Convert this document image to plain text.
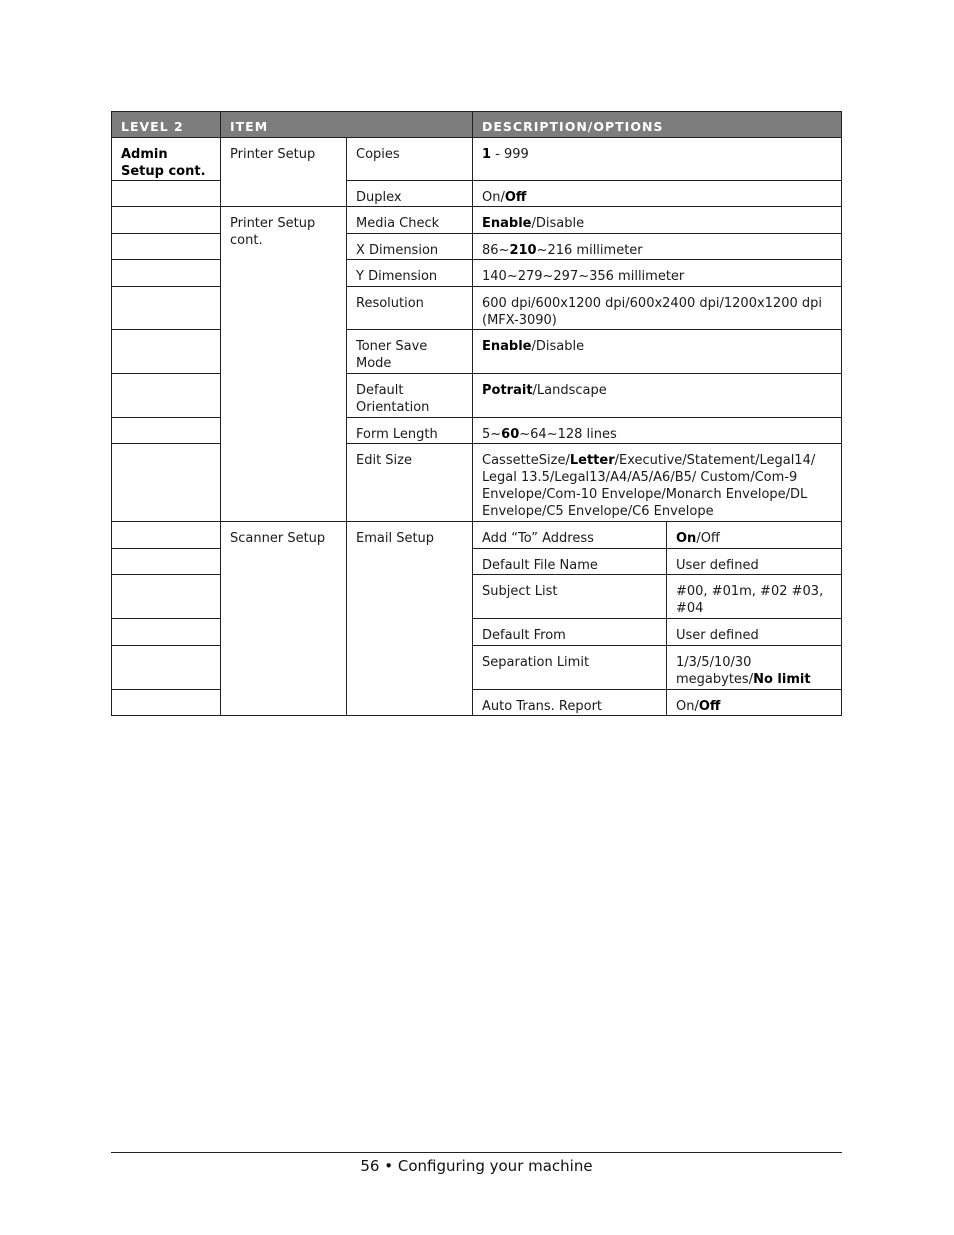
LEVEL 2	ITEM		DESCRIPTION/OPTIONS	
Admin Setup cont.	Printer Setup	Copies	1 - 999	
		Duplex	On/Off	
	Printer Setup cont.	Media Check	Enable/Disable	
		X Dimension	86~210~216 millimeter	
		Y Dimension	140~279~297~356 millimeter	
		Resolution	600 dpi/600x1200 dpi/600x2400 dpi/1200x1200 dpi (MFX-3090)	
		Toner Save Mode	Enable/Disable	
		Default Orientation	Potrait/Landscape	
		Form Length	5~60~64~128 lines	
		Edit Size	CassetteSize/Letter/Executive/Statement/Legal14/ Legal 13.5/Legal13/A4/A5/A6/B5/ Custom/Com-9 Envelope/Com-10 Envelope/Monarch Envelope/DL Envelope/C5 Envelope/C6 Envelope	
	Scanner Setup	Email Setup	Add “To” Address	On/Off
			Default File Name	User defined
			Subject List	#00, #01m, #02 #03, #04
			Default From	User defined
			Separation Limit	1/3/5/10/30 megabytes/No limit
			Auto Trans. Report	On/Off
56 • Configuring your machine
